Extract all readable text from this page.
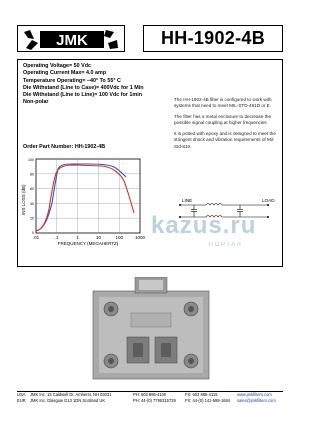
JMK	HH-1902-4B
Operating Voltage= 50 Vdc
Operating Current Max= 4.0 amp
Temperature Operating= −40° To 55° C
Die Withstand (Line to Case)= 400Vdc for 1 Min
Die Withstand (Line to Line)= 100 Vdc for 1min
Non-polar
Order Part Number: HH-1902-4B

The HH-1902-4B filter is configured to work with systems that need to meet MIL-STD-461D or E.

The filter has a metal enclosure to decrease the possible signal coupling at higher frequencies

It is potted with epoxy and is designed to meet the stringent shock and vibration requirements of Mil-Std-810.

INS LOSS (dB)
.01	.1	1	10	100	1000
FREQUENCY (MEGAHERTZ)
100
80
60
40
20
0
LINE	LOAD
kazus.ru
ПОРТАЛ
USA	JMK Inc. 15 Caldwell Dr. Amherst, NH 03031	PH: 603 886-4100	FX: 603 886-4115	www.jmkfilters.com
EUR	JMK Inc. Glasgow G13 1DN Scotland UK	PH: 44-(0) 7795315729	FX: 44-(0) 141-599-1684	sales@jmkfilters.com
